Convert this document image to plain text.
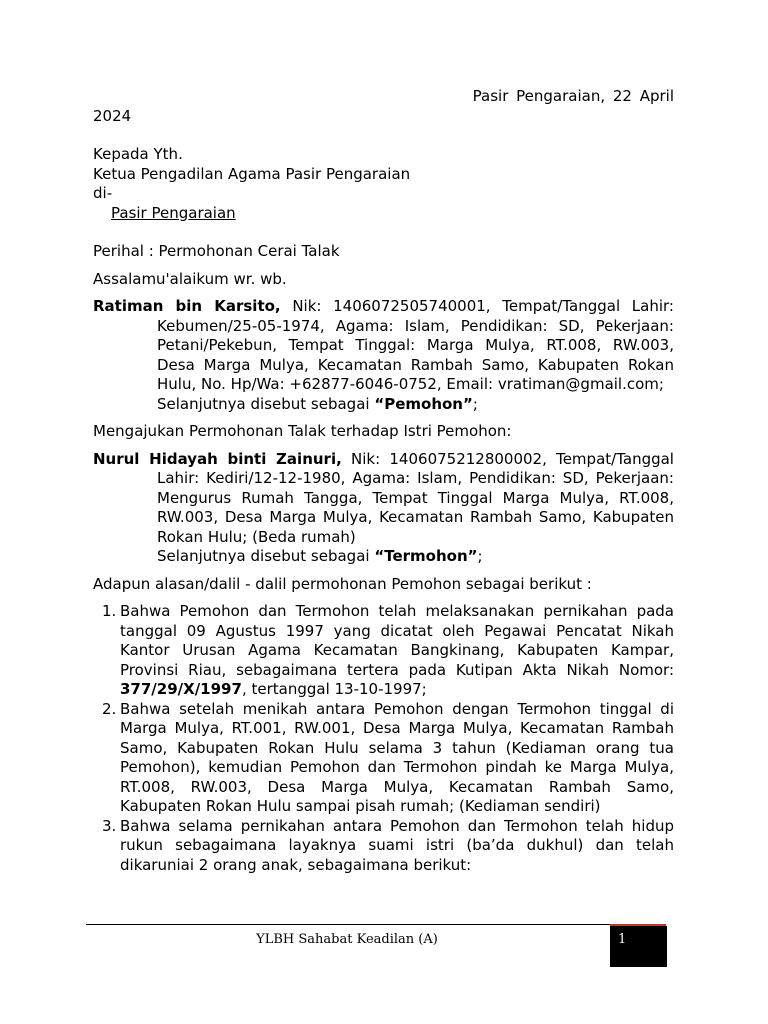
Pasir Pengaraian, 22 April
2024
Kepada Yth.
Ketua Pengadilan Agama Pasir Pengaraian
di-
Pasir Pengaraian
Perihal : Permohonan Cerai Talak
Assalamu'alaikum wr. wb.
Ratiman bin Karsito, Nik: 1406072505740001, Tempat/Tanggal Lahir: Kebumen/25-05-1974, Agama: Islam, Pendidikan: SD, Pekerjaan: Petani/Pekebun, Tempat Tinggal: Marga Mulya, RT.008, RW.003, Desa Marga Mulya, Kecamatan Rambah Samo, Kabupaten Rokan Hulu, No. Hp/Wa: +62877-6046-0752, Email: vratiman@gmail.com;
Selanjutnya disebut sebagai “Pemohon”;
Mengajukan Permohonan Talak terhadap Istri Pemohon:
Nurul Hidayah binti Zainuri, Nik: 1406075212800002, Tempat/Tanggal Lahir: Kediri/12-12-1980, Agama: Islam, Pendidikan: SD, Pekerjaan: Mengurus Rumah Tangga, Tempat Tinggal Marga Mulya, RT.008, RW.003, Desa Marga Mulya, Kecamatan Rambah Samo, Kabupaten Rokan Hulu; (Beda rumah)
Selanjutnya disebut sebagai “Termohon”;
Adapun alasan/dalil - dalil permohonan Pemohon sebagai berikut :
1. Bahwa Pemohon dan Termohon telah melaksanakan pernikahan pada tanggal 09 Agustus 1997 yang dicatat oleh Pegawai Pencatat Nikah Kantor Urusan Agama Kecamatan Bangkinang, Kabupaten Kampar, Provinsi Riau, sebagaimana tertera pada Kutipan Akta Nikah Nomor: 377/29/X/1997, tertanggal 13-10-1997;
2. Bahwa setelah menikah antara Pemohon dengan Termohon tinggal di Marga Mulya, RT.001, RW.001, Desa Marga Mulya, Kecamatan Rambah Samo, Kabupaten Rokan Hulu selama 3 tahun (Kediaman orang tua Pemohon), kemudian Pemohon dan Termohon pindah ke Marga Mulya, RT.008, RW.003, Desa Marga Mulya, Kecamatan Rambah Samo, Kabupaten Rokan Hulu sampai pisah rumah; (Kediaman sendiri)
3. Bahwa selama pernikahan antara Pemohon dan Termohon telah hidup rukun sebagaimana layaknya suami istri (ba’da dukhul) dan telah dikaruniai 2 orang anak, sebagaimana berikut:
YLBH Sahabat Keadilan (A)	1
